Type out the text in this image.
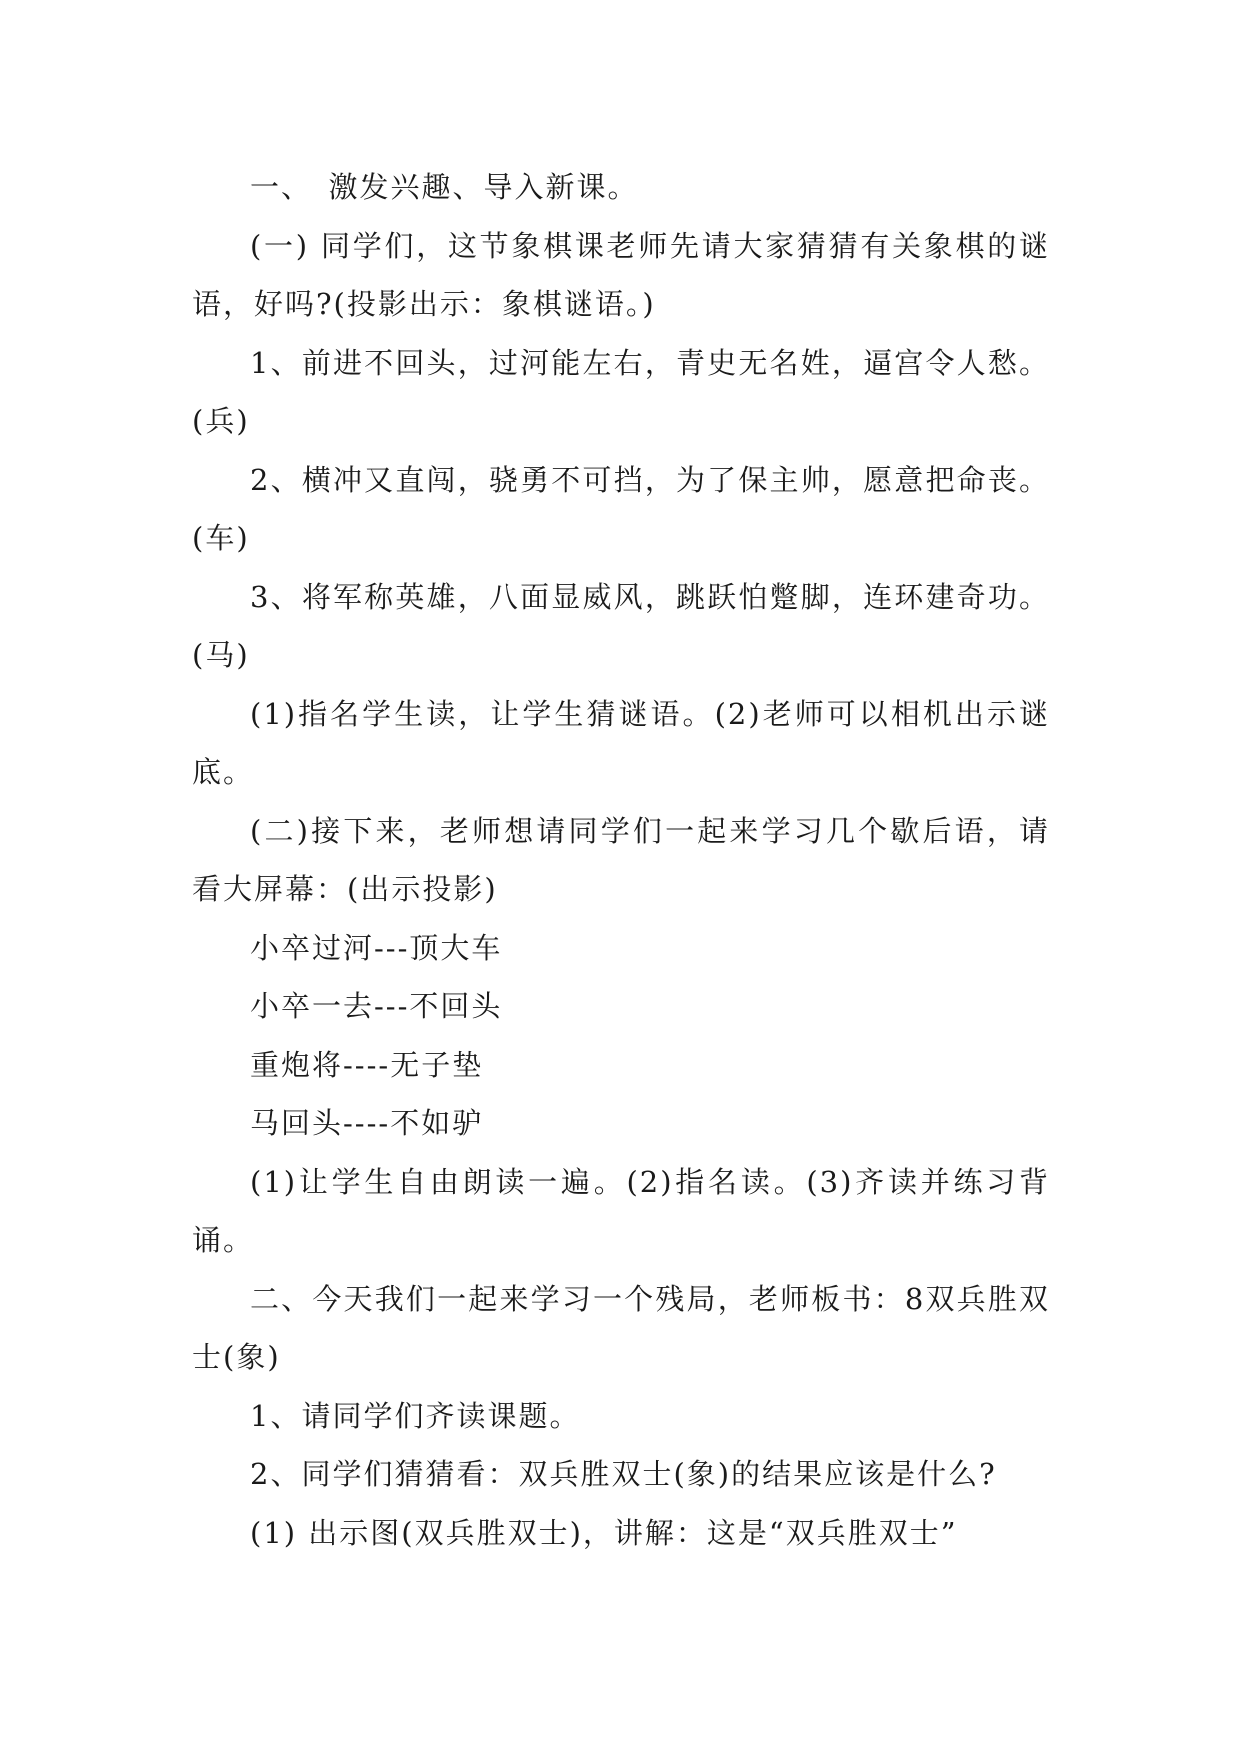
一、　激发兴趣、导入新课。

(一) 同学们，这节象棋课老师先请大家猜猜有关象棋的谜语，好吗?(投影出示：象棋谜语。)

1、前进不回头，过河能左右，青史无名姓，逼宫令人愁。(兵)

2、横冲又直闯，骁勇不可挡，为了保主帅，愿意把命丧。(车)

3、将军称英雄，八面显威风，跳跃怕蹩脚，连环建奇功。(马)

(1)指名学生读，让学生猜谜语。(2)老师可以相机出示谜底。

(二)接下来，老师想请同学们一起来学习几个歇后语，请看大屏幕：(出示投影)

小卒过河---顶大车

小卒一去---不回头

重炮将----无子垫

马回头----不如驴

(1)让学生自由朗读一遍。(2)指名读。(3)齐读并练习背诵。

二、今天我们一起来学习一个残局，老师板书：8双兵胜双士(象)

1、请同学们齐读课题。

2、同学们猜猜看：双兵胜双士(象)的结果应该是什么?

(1) 出示图(双兵胜双士)，讲解：这是“双兵胜双士”
